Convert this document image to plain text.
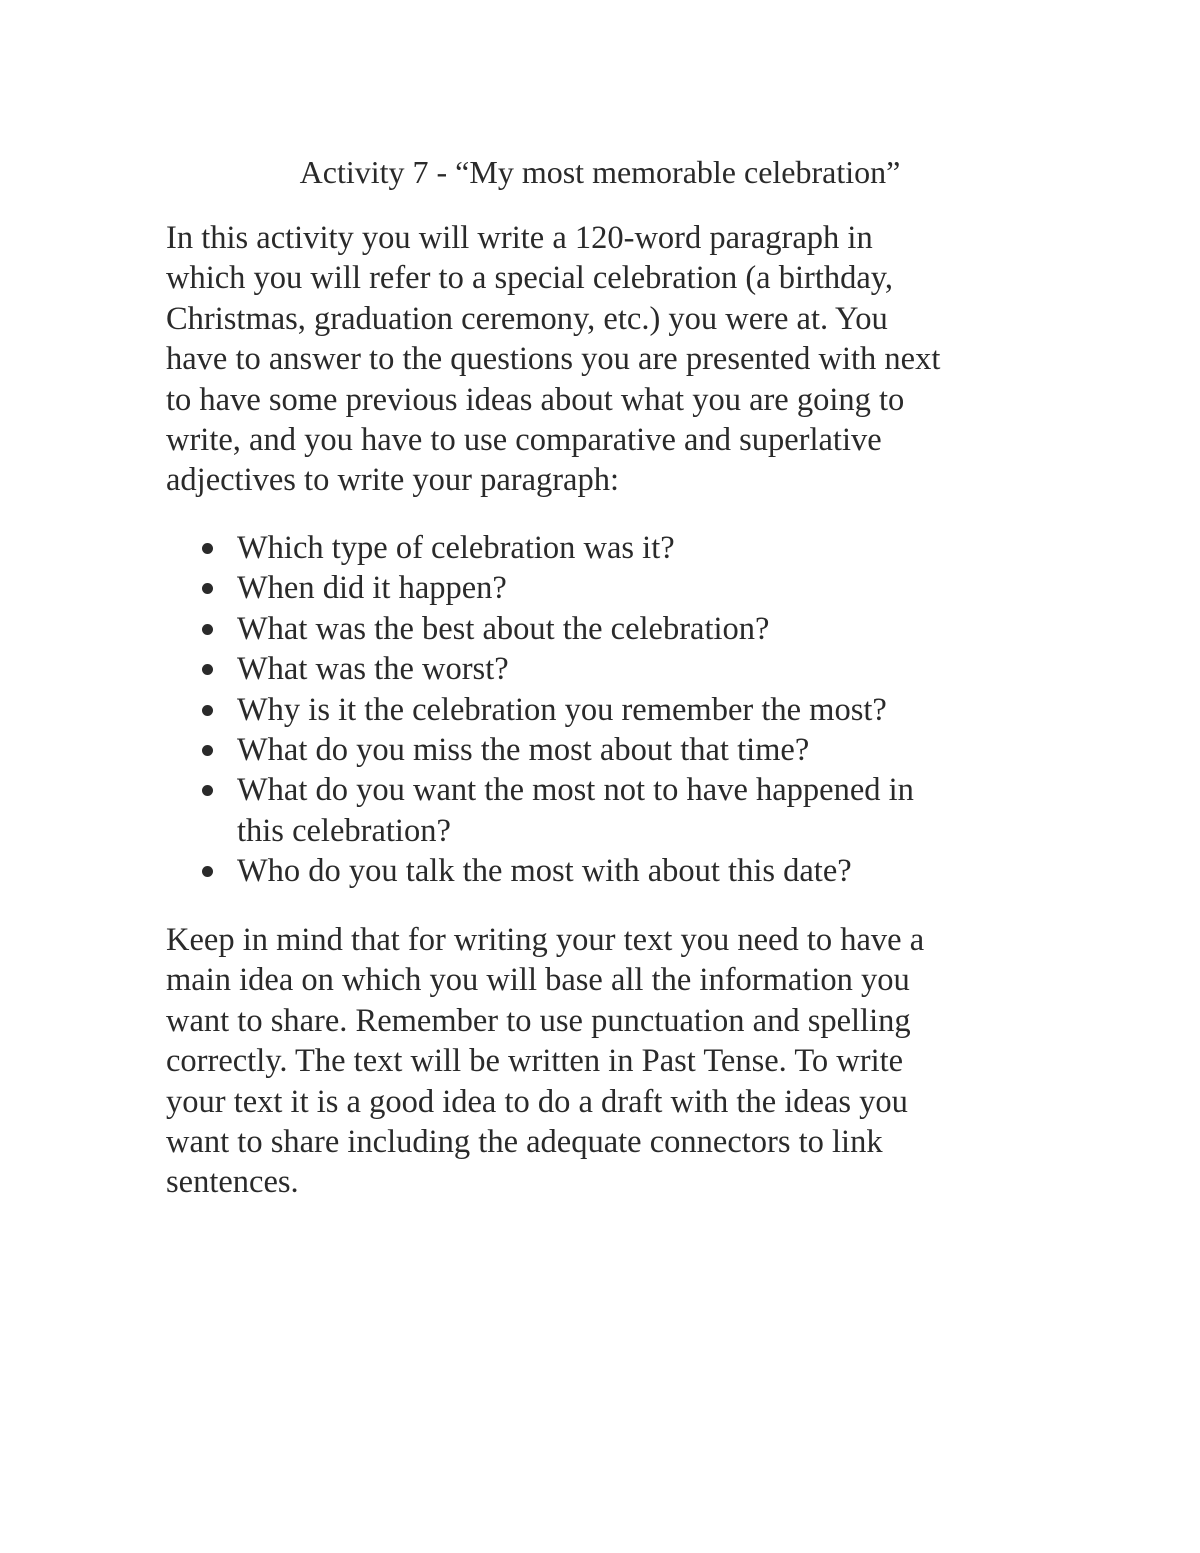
Activity 7 - “My most memorable celebration”

In this activity you will write a 120-word paragraph in
which you will refer to a special celebration (a birthday,
Christmas, graduation ceremony, etc.) you were at. You
have to answer to the questions you are presented with next
to have some previous ideas about what you are going to
write, and you have to use comparative and superlative
adjectives to write your paragraph:

Which type of celebration was it?
When did it happen?
What was the best about the celebration?
What was the worst?
Why is it the celebration you remember the most?
What do you miss the most about that time?
What do you want the most not to have happened in
this celebration?
Who do you talk the most with about this date?

Keep in mind that for writing your text you need to have a
main idea on which you will base all the information you
want to share. Remember to use punctuation and spelling
correctly. The text will be written in Past Tense. To write
your text it is a good idea to do a draft with the ideas you
want to share including the adequate connectors to link
sentences.
